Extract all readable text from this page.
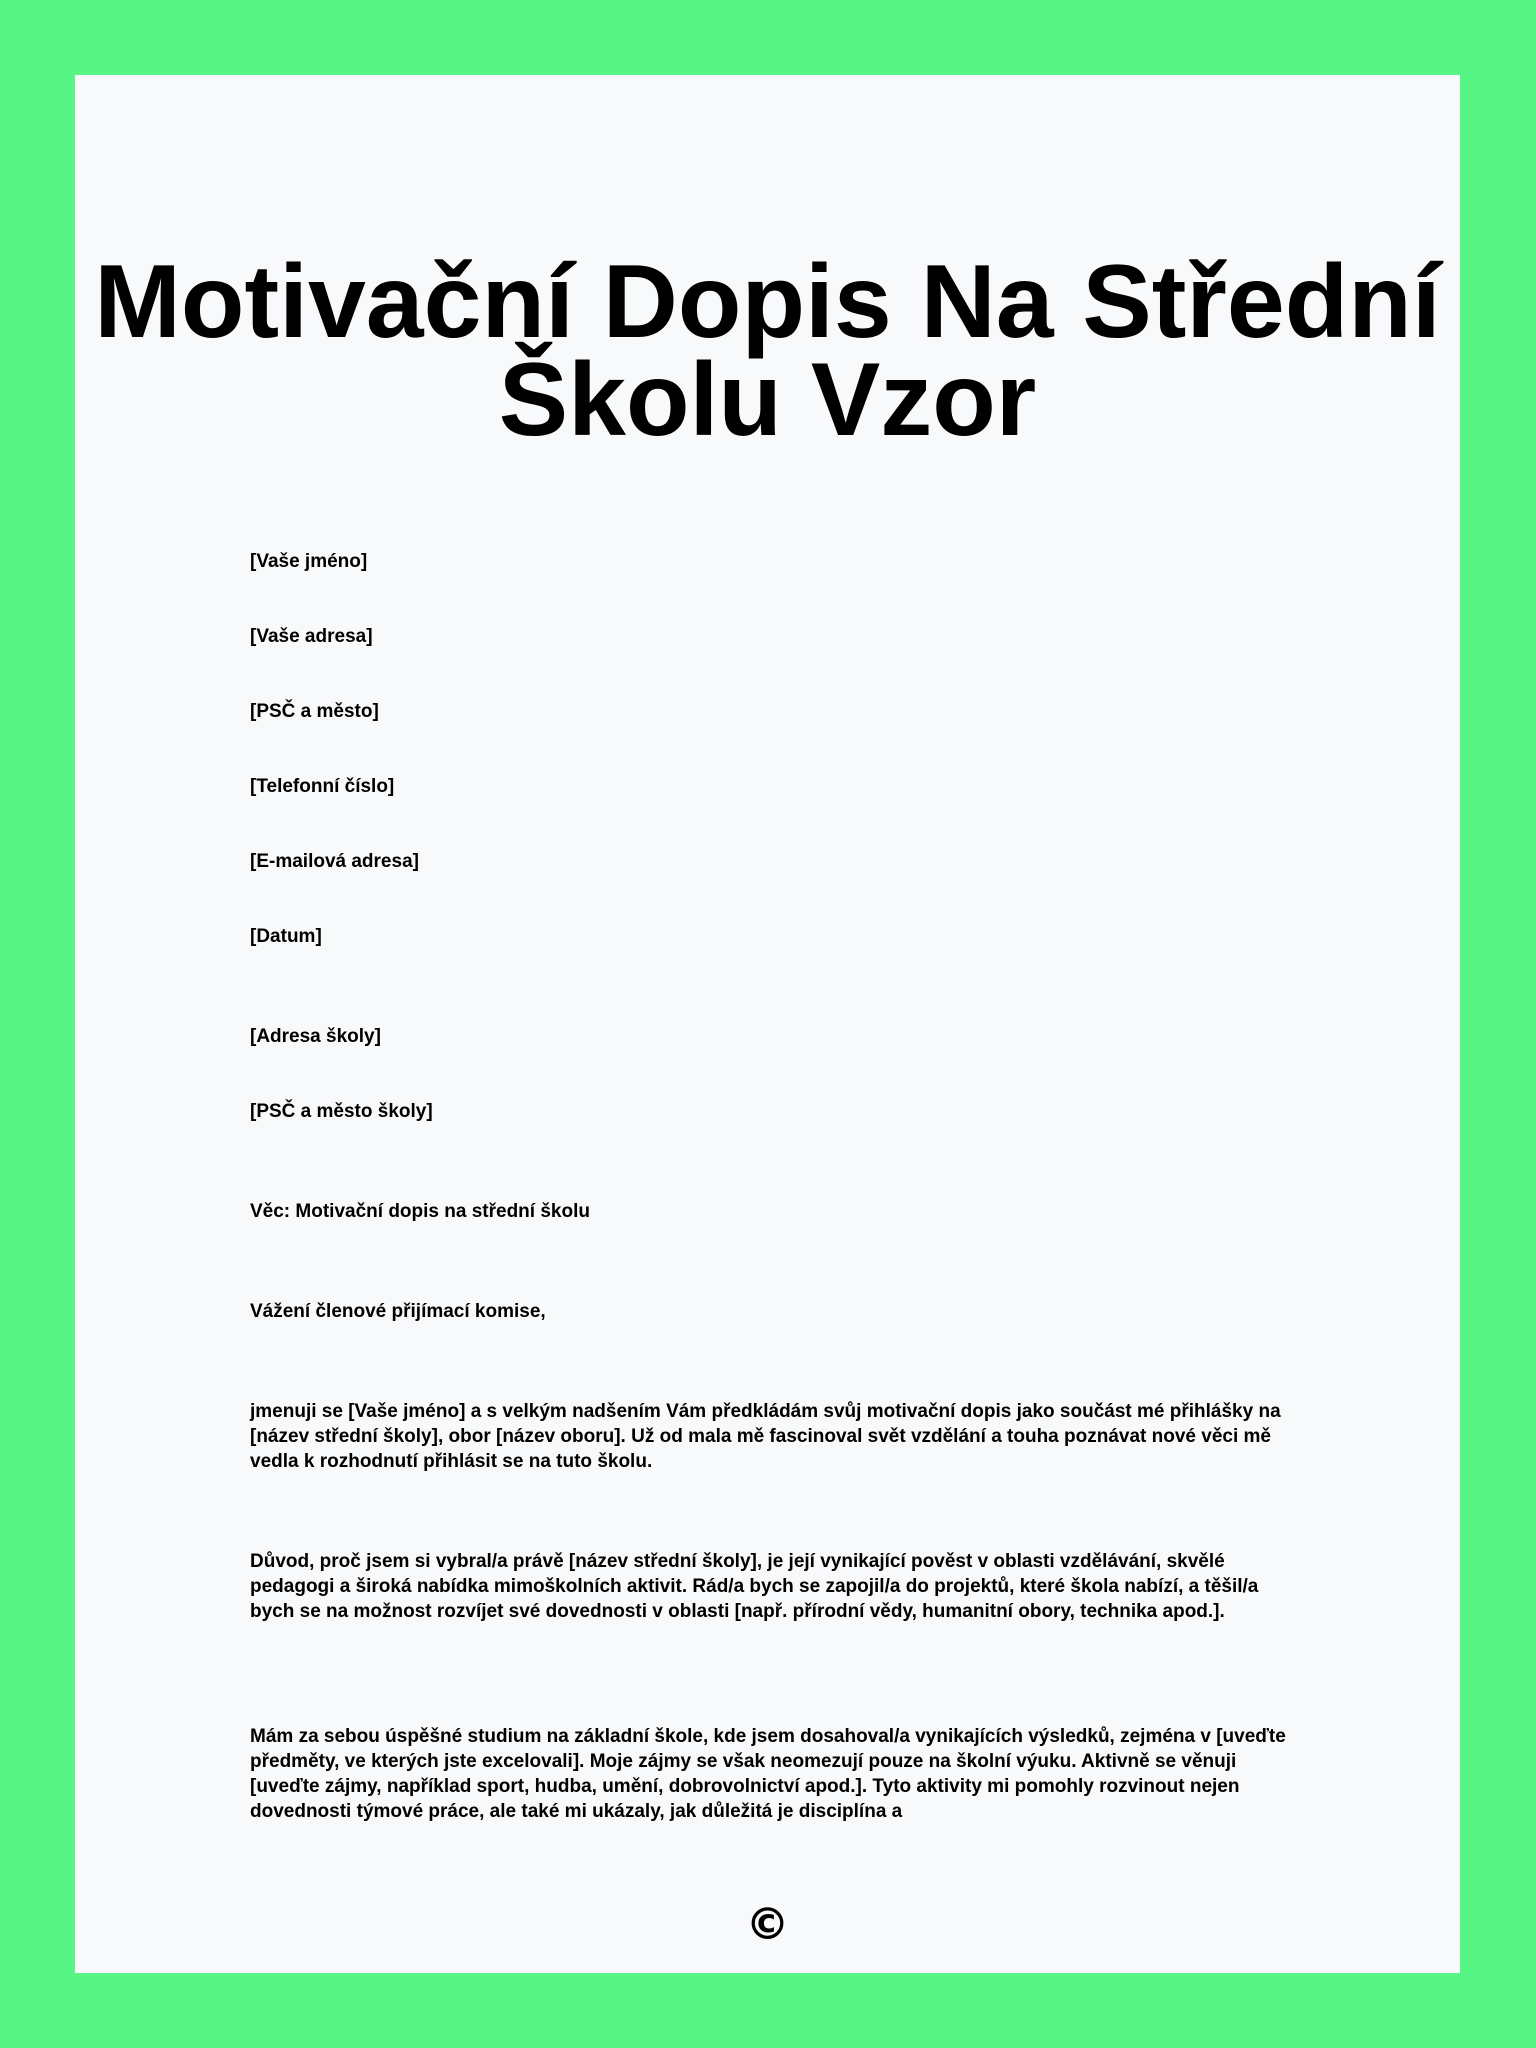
Motivační Dopis Na Střední Školu Vzor

[Vaše jméno]

[Vaše adresa]

[PSČ a město]

[Telefonní číslo]

[E-mailová adresa]

[Datum]

[Adresa školy]

[PSČ a město školy]

Věc: Motivační dopis na střední školu

Vážení členové přijímací komise,

jmenuji se [Vaše jméno] a s velkým nadšením Vám předkládám svůj motivační dopis jako součást mé přihlášky na [název střední školy], obor [název oboru]. Už od mala mě fascinoval svět vzdělání a touha poznávat nové věci mě vedla k rozhodnutí přihlásit se na tuto školu.

Důvod, proč jsem si vybral/a právě [název střední školy], je její vynikající pověst v oblasti vzdělávání, skvělé pedagogi a široká nabídka mimoškolních aktivit. Rád/a bych se zapojil/a do projektů, které škola nabízí, a těšil/a bych se na možnost rozvíjet své dovednosti v oblasti [např. přírodní vědy, humanitní obory, technika apod.].

Mám za sebou úspěšné studium na základní škole, kde jsem dosahoval/a vynikajících výsledků, zejména v [uveďte předměty, ve kterých jste excelovali]. Moje zájmy se však neomezují pouze na školní výuku. Aktivně se věnuji [uveďte zájmy, například sport, hudba, umění, dobrovolnictví apod.]. Tyto aktivity mi pomohly rozvinout nejen dovednosti týmové práce, ale také mi ukázaly, jak důležitá je disciplína a

©
